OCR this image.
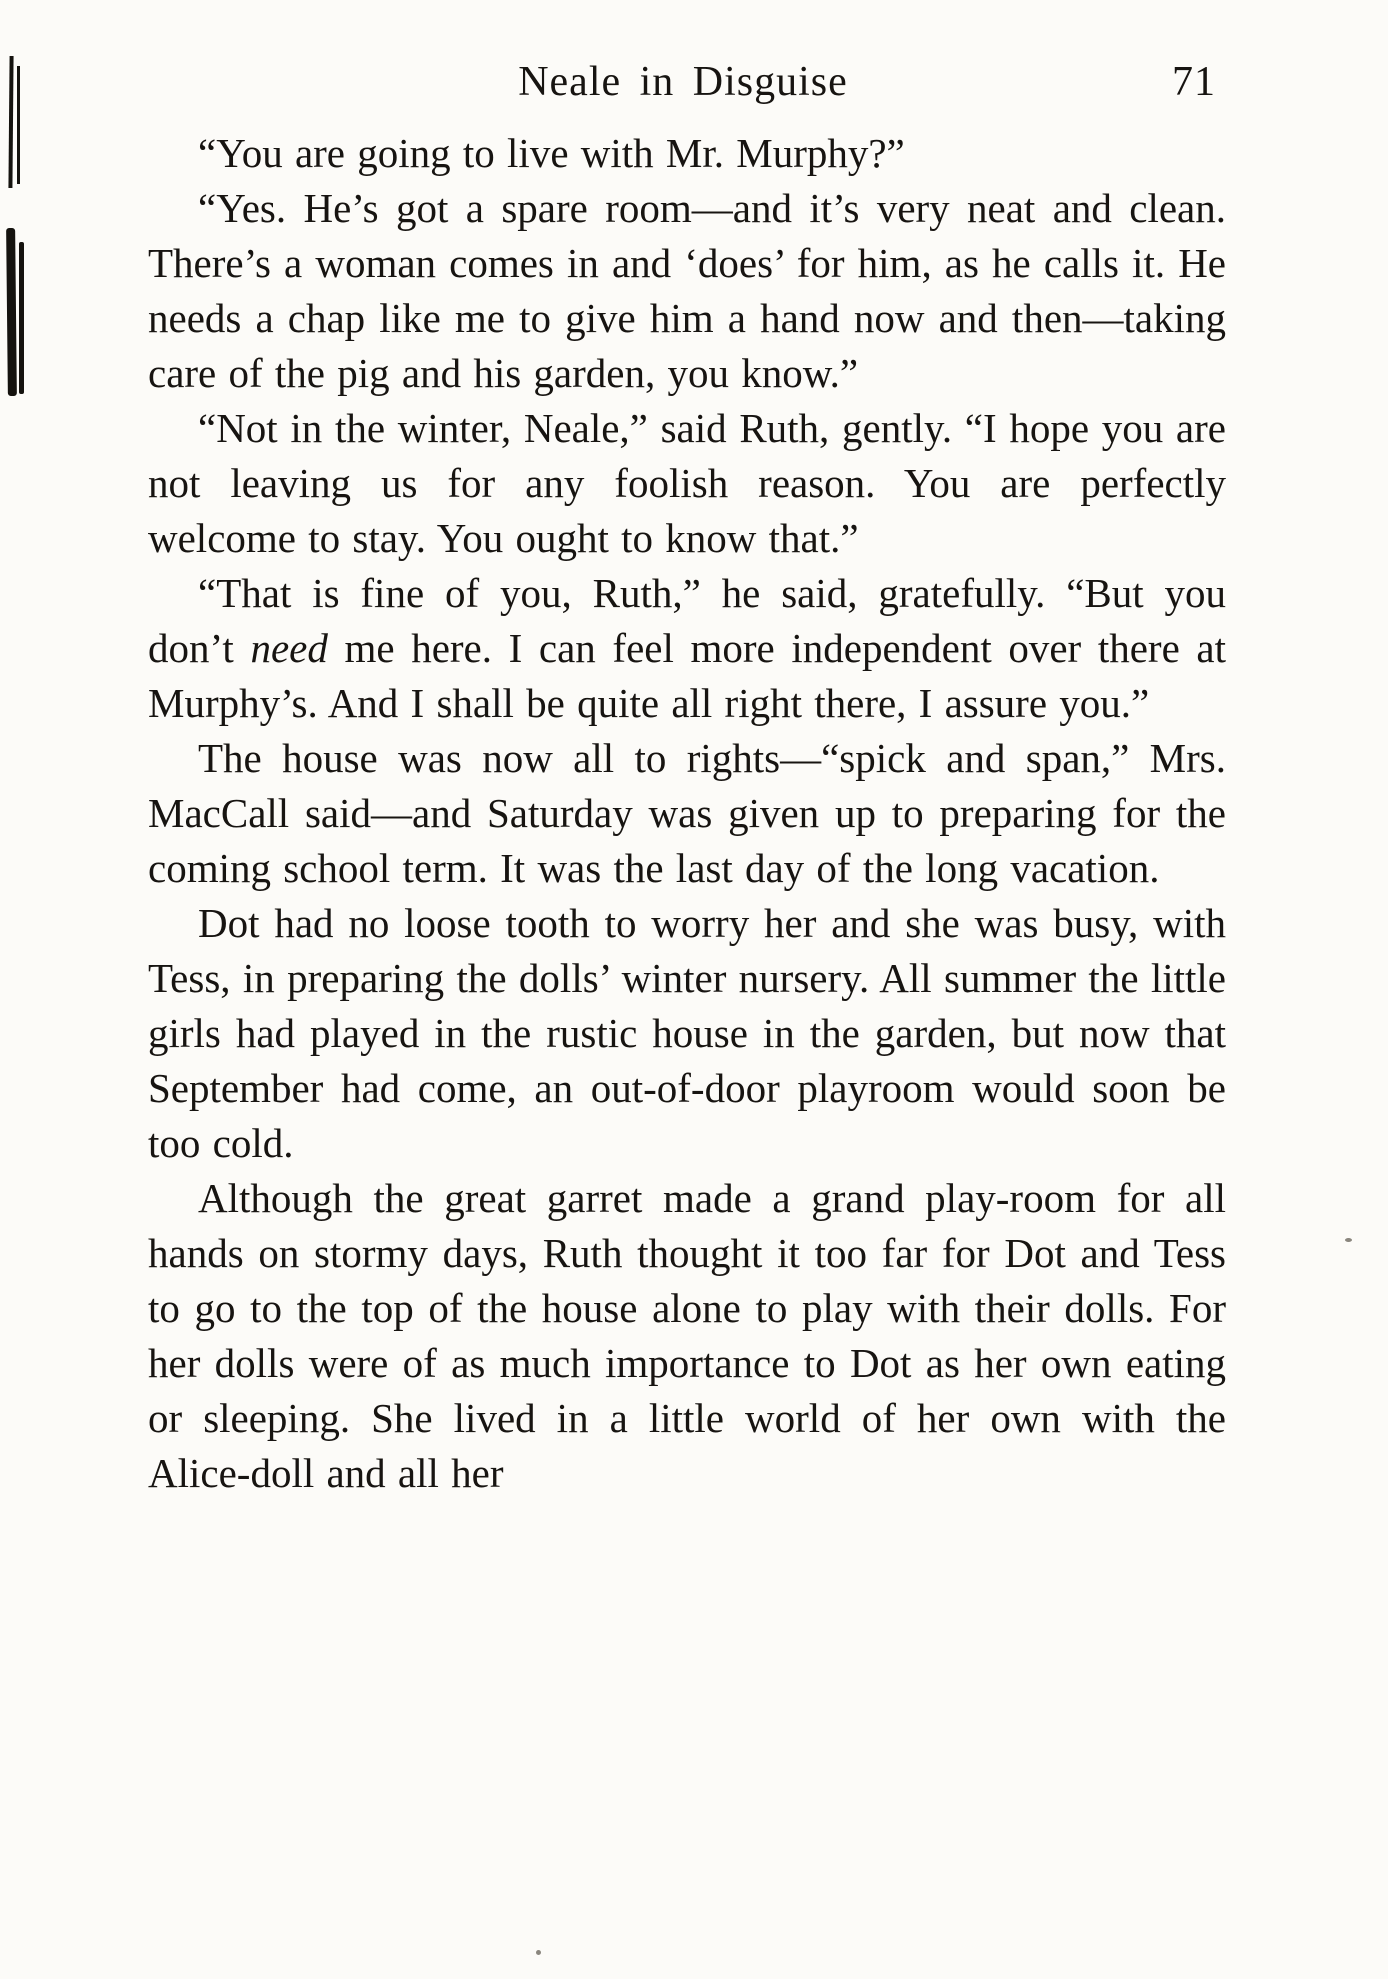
Neale in Disguise	71

“You are going to live with Mr. Murphy?”

“Yes. He’s got a spare room—and it’s very neat and clean. There’s a woman comes in and ‘does’ for him, as he calls it. He needs a chap like me to give him a hand now and then—taking care of the pig and his garden, you know.”

“Not in the winter, Neale,” said Ruth, gently. “I hope you are not leaving us for any foolish reason. You are perfectly welcome to stay. You ought to know that.”

“That is fine of you, Ruth,” he said, gratefully. “But you don’t need me here. I can feel more independent over there at Murphy’s. And I shall be quite all right there, I assure you.”

The house was now all to rights—“spick and span,” Mrs. MacCall said—and Saturday was given up to preparing for the coming school term. It was the last day of the long vacation.

Dot had no loose tooth to worry her and she was busy, with Tess, in preparing the dolls’ winter nursery. All summer the little girls had played in the rustic house in the garden, but now that September had come, an out-of-door playroom would soon be too cold.

Although the great garret made a grand play-room for all hands on stormy days, Ruth thought it too far for Dot and Tess to go to the top of the house alone to play with their dolls. For her dolls were of as much importance to Dot as her own eating or sleeping. She lived in a little world of her own with the Alice-doll and all her
